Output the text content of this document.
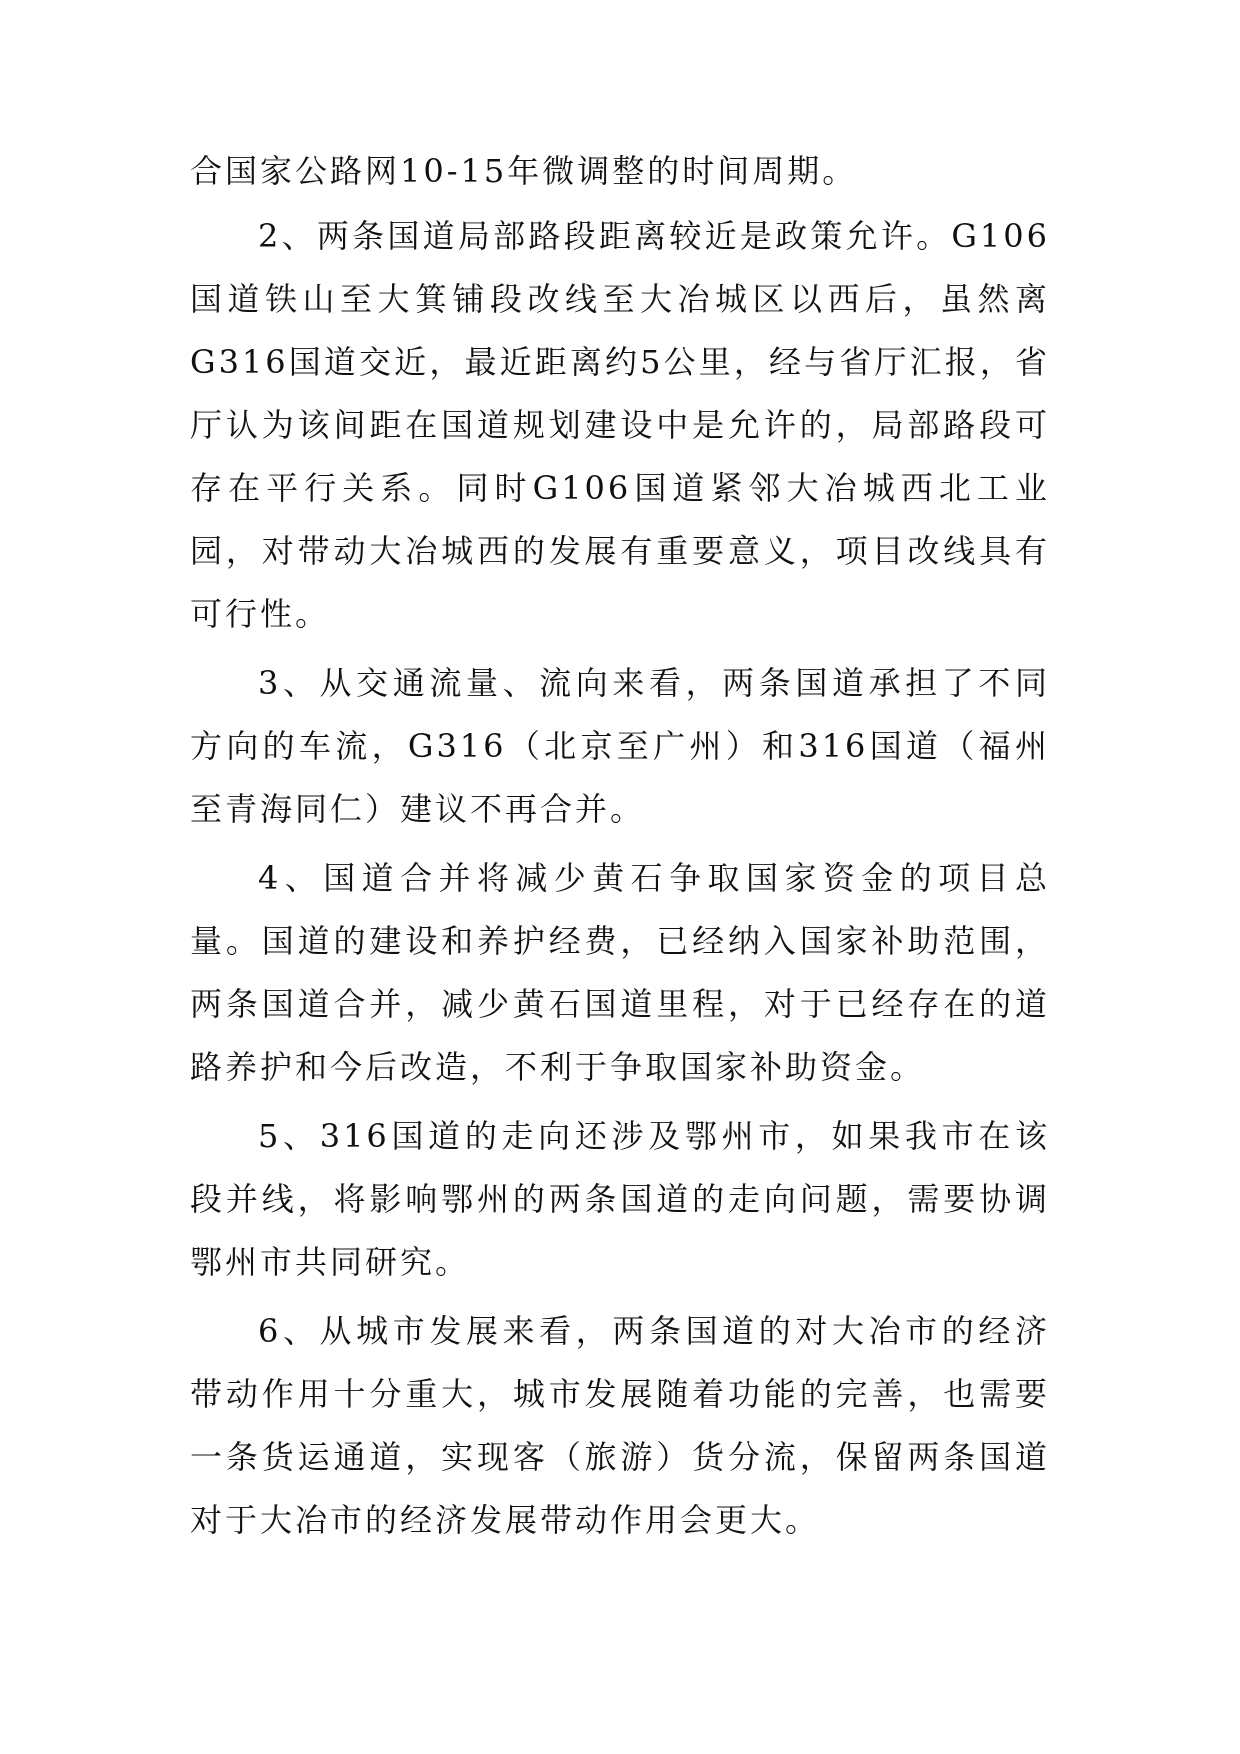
合国家公路网10-15年微调整的时间周期。

2、两条国道局部路段距离较近是政策允许。G106国道铁山至大箕铺段改线至大冶城区以西后，虽然离G316国道交近，最近距离约5公里，经与省厅汇报，省厅认为该间距在国道规划建设中是允许的，局部路段可存在平行关系。同时G106国道紧邻大冶城西北工业园，对带动大冶城西的发展有重要意义，项目改线具有可行性。

3、从交通流量、流向来看，两条国道承担了不同方向的车流，G316（北京至广州）和316国道（福州至青海同仁）建议不再合并。

4、国道合并将减少黄石争取国家资金的项目总量。国道的建设和养护经费，已经纳入国家补助范围，两条国道合并，减少黄石国道里程，对于已经存在的道路养护和今后改造，不利于争取国家补助资金。

5、316国道的走向还涉及鄂州市，如果我市在该段并线，将影响鄂州的两条国道的走向问题，需要协调鄂州市共同研究。

6、从城市发展来看，两条国道的对大冶市的经济带动作用十分重大，城市发展随着功能的完善，也需要一条货运通道，实现客（旅游）货分流，保留两条国道对于大冶市的经济发展带动作用会更大。
